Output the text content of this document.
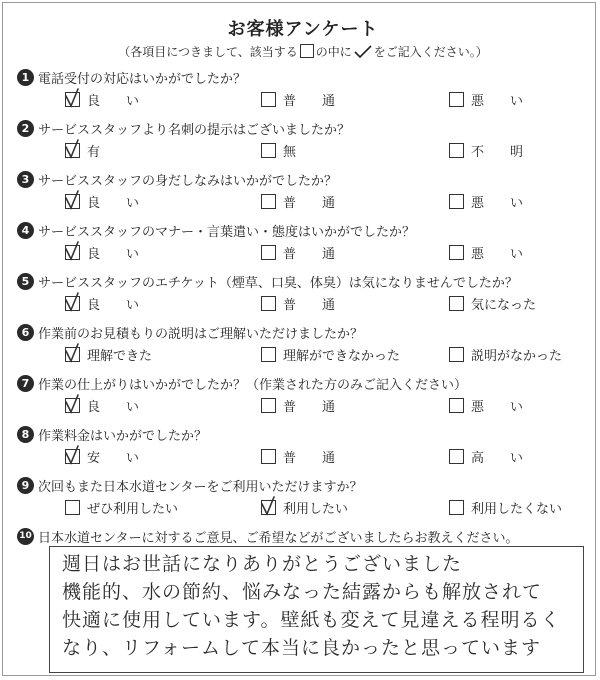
お客様アンケート
（各項目につきまして、該当する の中に をご記入ください。）
1 電話受付の対応はいかがでしたか？
良　　い	普　　通	悪　　い
2 サービススタッフより名刺の提示はございましたか？
有	無	不　　明
3 サービススタッフの身だしなみはいかがでしたか？
良　　い	普　　通	悪　　い
4 サービススタッフのマナー・言葉遣い・態度はいかがでしたか？
良　　い	普　　通	悪　　い
5 サービススタッフのエチケット（煙草、口臭、体臭）は気になりませんでしたか？
良　　い	普　　通	気になった
6 作業前のお見積もりの説明はご理解いただけましたか？
理解できた	理解ができなかった	説明がなかった
7 作業の仕上がりはいかがでしたか？（作業された方のみご記入ください）
良　　い	普　　通	悪　　い
8 作業料金はいかがでしたか？
安　　い	普　　通	高　　い
9 次回もまた日本水道センターをご利用いただけますか？
ぜひ利用したい	利用したい	利用したくない
10 日本水道センターに対するご意見、ご希望などがございましたらお教えください。
週日はお世話になりありがとうございました
機能的、水の節約、悩みなった結露からも解放されて
快適に使用しています。壁紙も変えて見違える程明るく
なり、リフォームして本当に良かったと思っています
